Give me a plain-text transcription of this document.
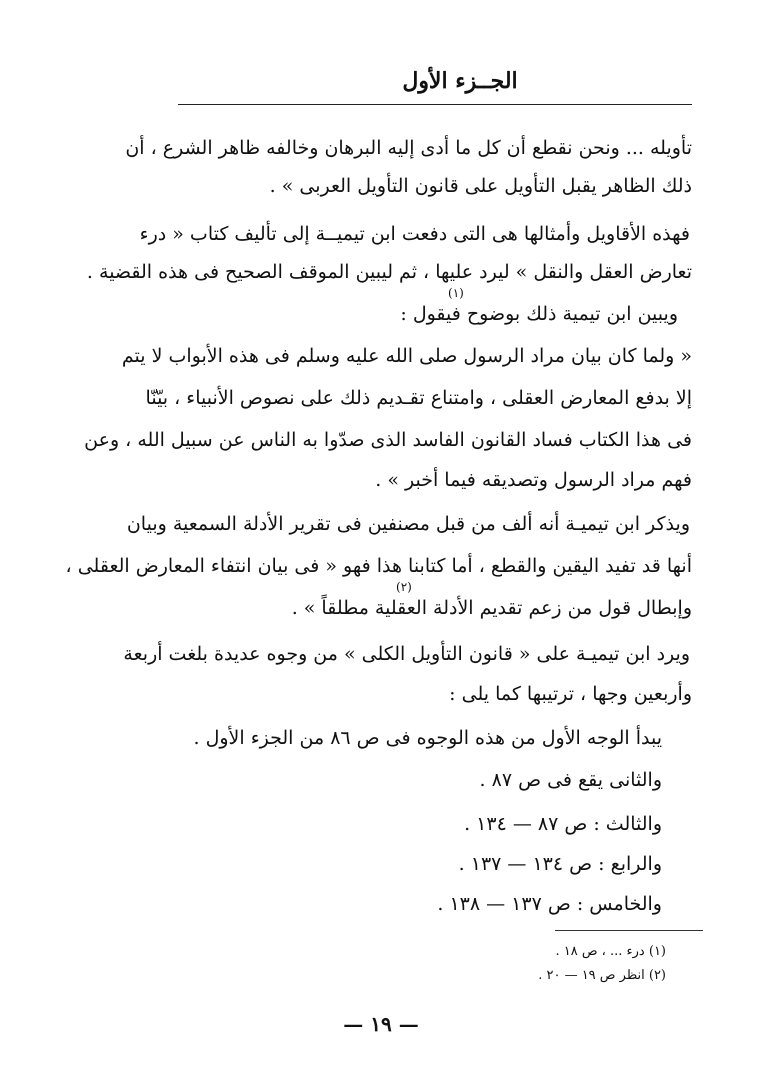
الجــزء الأول
تأويله ... ونحن نقطع أن كل ما أدى إليه البرهان وخالفه ظاهر الشرع ، أن
ذلك الظاهر يقبل التأويل على قانون التأويل العربى » .
فهذه الأقاويل وأمثالها هى التى دفعت ابن تيميــة إلى تأليف كتاب « درء
تعارض العقل والنقل » ليرد عليها ، ثم ليبين الموقف الصحيح فى هذه القضية .
ويبين ابن تيمية ذلك بوضوح فيقول :
(١)
« ولما كان بيان مراد الرسول صلى الله عليه وسلم فى هذه الأبواب لا يتم
إلا بدفع المعارض العقلى ، وامتناع تقـديم ذلك على نصوص الأنبياء ، بيّنّا
فى هذا الكتاب فساد القانون الفاسد الذى صدّوا به الناس عن سبيل الله ، وعن
فهم مراد الرسول وتصديقه فيما أخبر » .
ويذكر ابن تيميـة أنه ألف من قبل مصنفين فى تقرير الأدلة السمعية وبيان
أنها قد تفيد اليقين والقطع ، أما كتابنا هذا فهو « فى بيان انتفاء المعارض العقلى ،
وإبطال قول من زعم تقديم الأدلة العقلية مطلقاً » .
(٢)
ويرد ابن تيميـة على « قانون التأويل الكلى » من وجوه عديدة بلغت أربعة
وأربعين وجها ، ترتيبها كما يلى :
يبدأ الوجه الأول من هذه الوجوه فى ص ٨٦ من الجزء الأول .
والثانى يقع فى ص ٨٧ .
والثالث : ص ٨٧ — ١٣٤ .
والرابع : ص ١٣٤ — ١٣٧ .
والخامس : ص ١٣٧ — ١٣٨ .
(١) درء ... ، ص ١٨ .
(٢) انظر ص ١٩ — ٢٠ .
— ١٩ —
